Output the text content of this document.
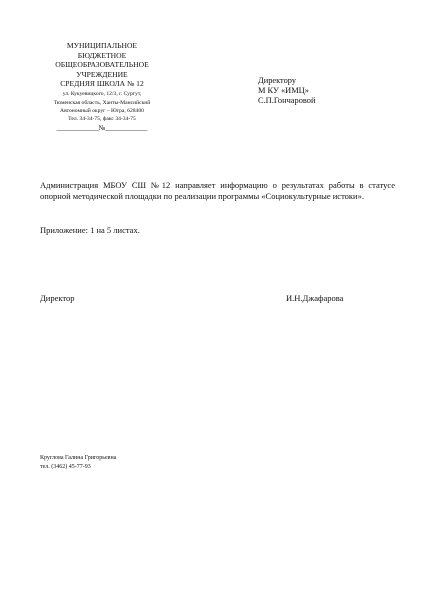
МУНИЦИПАЛЬНОЕ
БЮДЖЕТНОЕ
ОБЩЕОБРАЗОВАТЕЛЬНОЕ
УЧРЕЖДЕНИЕ
СРЕДНЯЯ ШКОЛА № 12
ул. Кукуевицкого, 12/3, г. Сургут,
Тюменская область, Ханты-Мансийский
Автономный округ – Югра, 628400
Тел. 34-34-75, факс 34-34-75
____________№____________
Директору
М КУ «ИМЦ»
С.П.Гончаровой
Администрация МБОУ СШ №12 направляет информацию о результатах работы в статусе опорной методической площадки по реализации программы «Социокультурные истоки».
Приложение: 1 на 5 листах.
Директор	И.Н.Джафарова
Круглова Галина Григорьевна
тел. (3462) 45-77-93
